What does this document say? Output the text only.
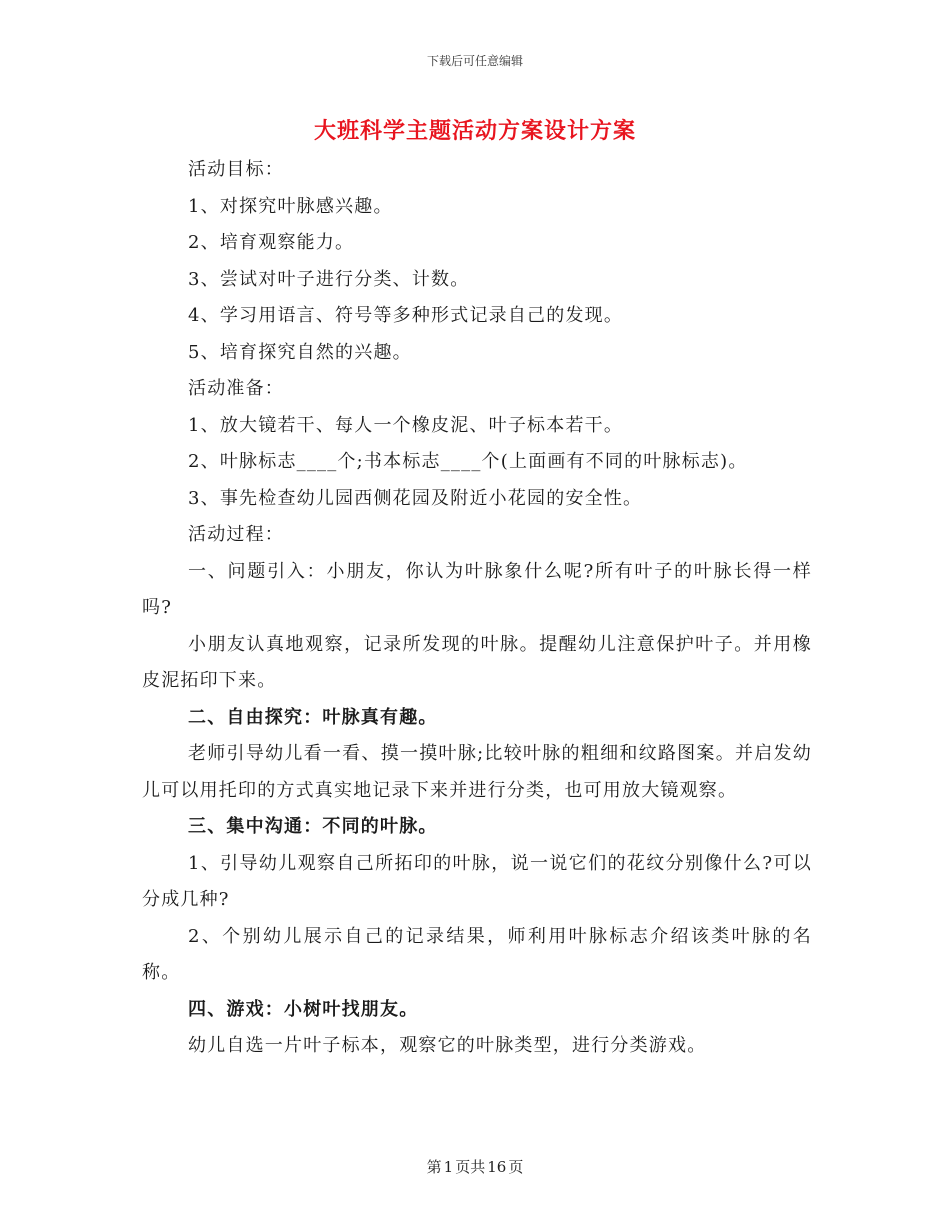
下载后可任意编辑
大班科学主题活动方案设计方案

活动目标：

1、对探究叶脉感兴趣。

2、培育观察能力。

3、尝试对叶子进行分类、计数。

4、学习用语言、符号等多种形式记录自己的发现。

5、培育探究自然的兴趣。

活动准备：

1、放大镜若干、每人一个橡皮泥、叶子标本若干。

2、叶脉标志____个;书本标志____个(上面画有不同的叶脉标志)。

3、事先检查幼儿园西侧花园及附近小花园的安全性。

活动过程：

一、问题引入：小朋友，你认为叶脉象什么呢?所有叶子的叶脉长得一样吗?

小朋友认真地观察，记录所发现的叶脉。提醒幼儿注意保护叶子。并用橡皮泥拓印下来。

二、自由探究：叶脉真有趣。

老师引导幼儿看一看、摸一摸叶脉;比较叶脉的粗细和纹路图案。并启发幼儿可以用托印的方式真实地记录下来并进行分类，也可用放大镜观察。

三、集中沟通：不同的叶脉。

1、引导幼儿观察自己所拓印的叶脉，说一说它们的花纹分别像什么?可以分成几种?

2、个别幼儿展示自己的记录结果，师利用叶脉标志介绍该类叶脉的名称。

四、游戏：小树叶找朋友。

幼儿自选一片叶子标本，观察它的叶脉类型，进行分类游戏。

第 1 页共 16 页
